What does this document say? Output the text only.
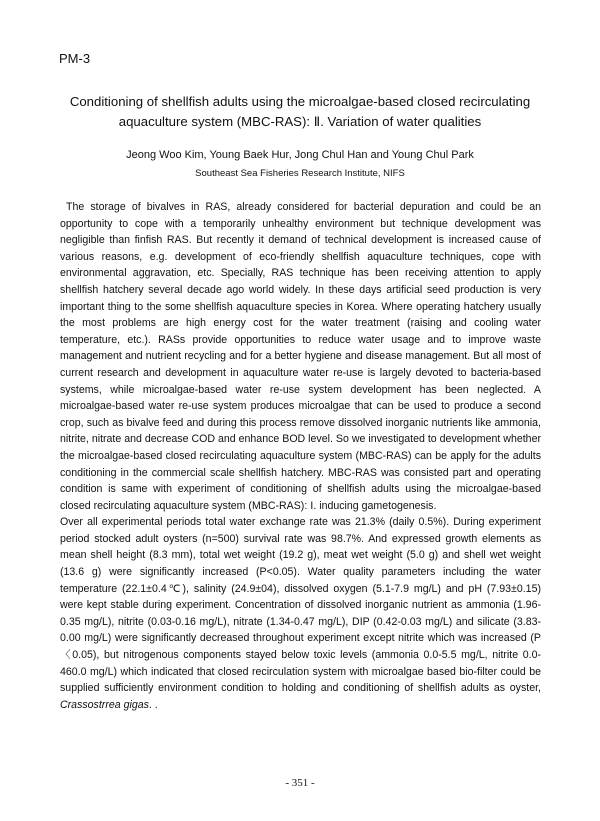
PM-3
Conditioning of shellfish adults using the microalgae-based closed recirculating
aquaculture system (MBC-RAS): Ⅱ. Variation of water qualities
Jeong Woo Kim, Young Baek Hur, Jong Chul Han and Young Chul Park
Southeast Sea Fisheries Research Institute, NIFS

The storage of bivalves in RAS, already considered for bacterial depuration and could be an opportunity to cope with a temporarily unhealthy environment but technique development was negligible than finfish RAS. But recently it demand of technical development is increased cause of various reasons, e.g. development of eco-friendly shellfish aquaculture techniques, cope with environmental aggravation, etc. Specially, RAS technique has been receiving attention to apply shellfish hatchery several decade ago world widely. In these days artificial seed production is very important thing to the some shellfish aquaculture species in Korea. Where operating hatchery usually the most problems are high energy cost for the water treatment (raising and cooling water temperature, etc.). RASs provide opportunities to reduce water usage and to improve waste management and nutrient recycling and for a better hygiene and disease management. But all most of current research and development in aquaculture water re-use is largely devoted to bacteria-based systems, while microalgae-based water re-use system development has been neglected. A microalgae-based water re-use system produces microalgae that can be used to produce a second crop, such as bivalve feed and during this process remove dissolved inorganic nutrients like ammonia, nitrite, nitrate and decrease COD and enhance BOD level. So we investigated to development whether the microalgae-based closed recirculating aquaculture system (MBC-RAS) can be apply for the adults conditioning in the commercial scale shellfish hatchery. MBC-RAS was consisted part and operating condition is same with experiment of conditioning of shellfish adults using the microalgae-based closed recirculating aquaculture system (MBC-RAS): Ⅰ. inducing gametogenesis.

Over all experimental periods total water exchange rate was 21.3% (daily 0.5%). During experiment period stocked adult oysters (n=500) survival rate was 98.7%. And expressed growth elements as mean shell height (8.3 mm), total wet weight (19.2 g), meat wet weight (5.0 g) and shell wet weight (13.6 g) were significantly increased (P<0.05). Water quality parameters including the water temperature (22.1±0.4℃), salinity (24.9±04), dissolved oxygen (5.1-7.9 mg/L) and pH (7.93±0.15) were kept stable during experiment. Concentration of dissolved inorganic nutrient as ammonia (1.96-0.35 mg/L), nitrite (0.03-0.16 mg/L), nitrate (1.34-0.47 mg/L), DIP (0.42-0.03 mg/L) and silicate (3.83-0.00 mg/L) were significantly decreased throughout experiment except nitrite which was increased (P〈0.05), but nitrogenous components stayed below toxic levels (ammonia 0.0-5.5 mg/L, nitrite 0.0-460.0 mg/L) which indicated that closed recirculation system with microalgae based bio-filter could be supplied sufficiently environment condition to holding and conditioning of shellfish adults as oyster, Crassostrrea gigas. .

- 351 -
